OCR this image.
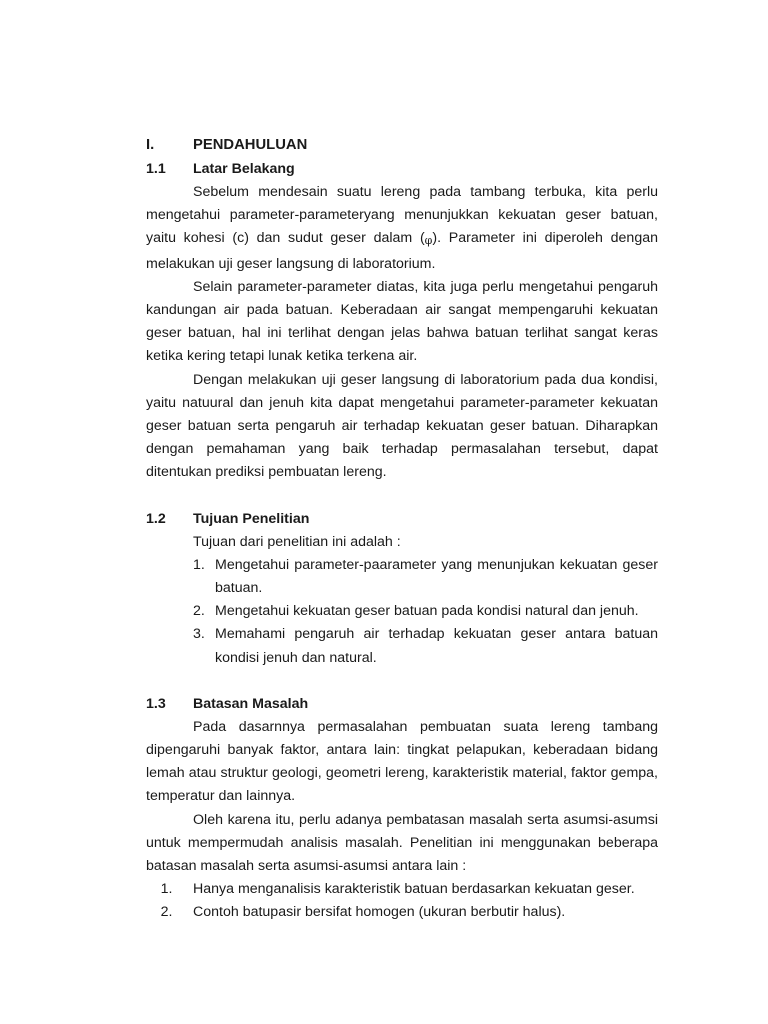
I.	PENDAHULUAN
1.1	Latar Belakang

Sebelum mendesain suatu lereng pada tambang terbuka, kita perlu mengetahui parameter-parameteryang menunjukkan kekuatan geser batuan, yaitu kohesi (c) dan sudut geser dalam (φ). Parameter ini diperoleh dengan melakukan uji geser langsung di laboratorium.

Selain parameter-parameter diatas, kita juga perlu mengetahui pengaruh kandungan air pada batuan. Keberadaan air sangat mempengaruhi kekuatan geser batuan, hal ini terlihat dengan jelas bahwa batuan terlihat sangat keras ketika kering tetapi lunak ketika terkena air.

Dengan melakukan uji geser langsung di laboratorium pada dua kondisi, yaitu natuural dan jenuh kita dapat mengetahui parameter-parameter kekuatan geser batuan serta pengaruh air terhadap kekuatan geser batuan. Diharapkan dengan pemahaman yang baik terhadap permasalahan tersebut, dapat ditentukan prediksi pembuatan lereng.

1.2	Tujuan Penelitian

Tujuan dari penelitian ini adalah :

1. Mengetahui parameter-paarameter yang menunjukan kekuatan geser batuan.
2. Mengetahui kekuatan geser batuan pada kondisi natural dan jenuh.
3. Memahami pengaruh air terhadap kekuatan geser antara batuan kondisi jenuh dan natural.
1.3	Batasan Masalah

Pada dasarnnya permasalahan pembuatan suata lereng tambang dipengaruhi banyak faktor, antara lain: tingkat pelapukan, keberadaan bidang lemah atau struktur geologi, geometri lereng, karakteristik material, faktor gempa, temperatur dan lainnya.

Oleh karena itu, perlu adanya pembatasan masalah serta asumsi-asumsi untuk mempermudah analisis masalah. Penelitian ini menggunakan beberapa batasan masalah serta asumsi-asumsi antara lain :

1.	Hanya menganalisis karakteristik batuan berdasarkan kekuatan geser.
2.	Contoh batupasir bersifat homogen (ukuran berbutir halus).
